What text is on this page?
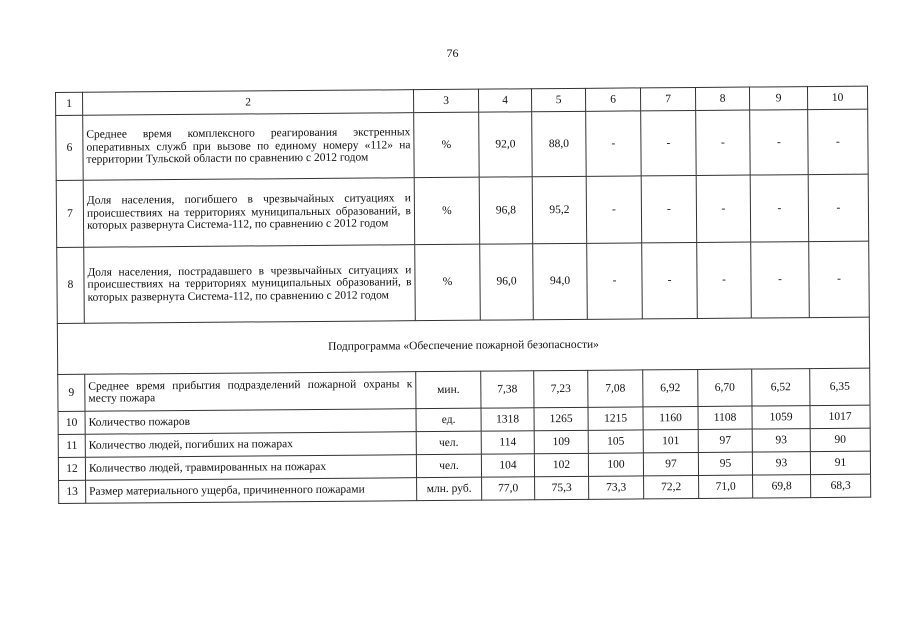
76
1	2	3	4	5	6	7	8	9	10
6	Среднее время комплексного реагирования экстренных оперативных служб при вызове по единому номеру «112» на территории Тульской области по сравнению с 2012 годом	%	92,0	88,0	-	-	-	-	-
7	Доля населения, погибшего в чрезвычайных ситуациях и происшествиях на территориях муниципальных образований, в которых развернута Система-112, по сравнению с 2012 годом	%	96,8	95,2	-	-	-	-	-
8	Доля населения, пострадавшего в чрезвычайных ситуациях и происшествиях на территориях муниципальных образований, в которых развернута Система-112, по сравнению с 2012 годом	%	96,0	94,0	-	-	-	-	-
Подпрограмма «Обеспечение пожарной безопасности»									
9	Среднее время прибытия подразделений пожарной охраны к месту пожара	мин.	7,38	7,23	7,08	6,92	6,70	6,52	6,35
10	Количество пожаров	ед.	1318	1265	1215	1160	1108	1059	1017
11	Количество людей, погибших на пожарах	чел.	114	109	105	101	97	93	90
12	Количество людей, травмированных на пожарах	чел.	104	102	100	97	95	93	91
13	Размер материального ущерба, причиненного пожарами	млн. руб.	77,0	75,3	73,3	72,2	71,0	69,8	68,3
